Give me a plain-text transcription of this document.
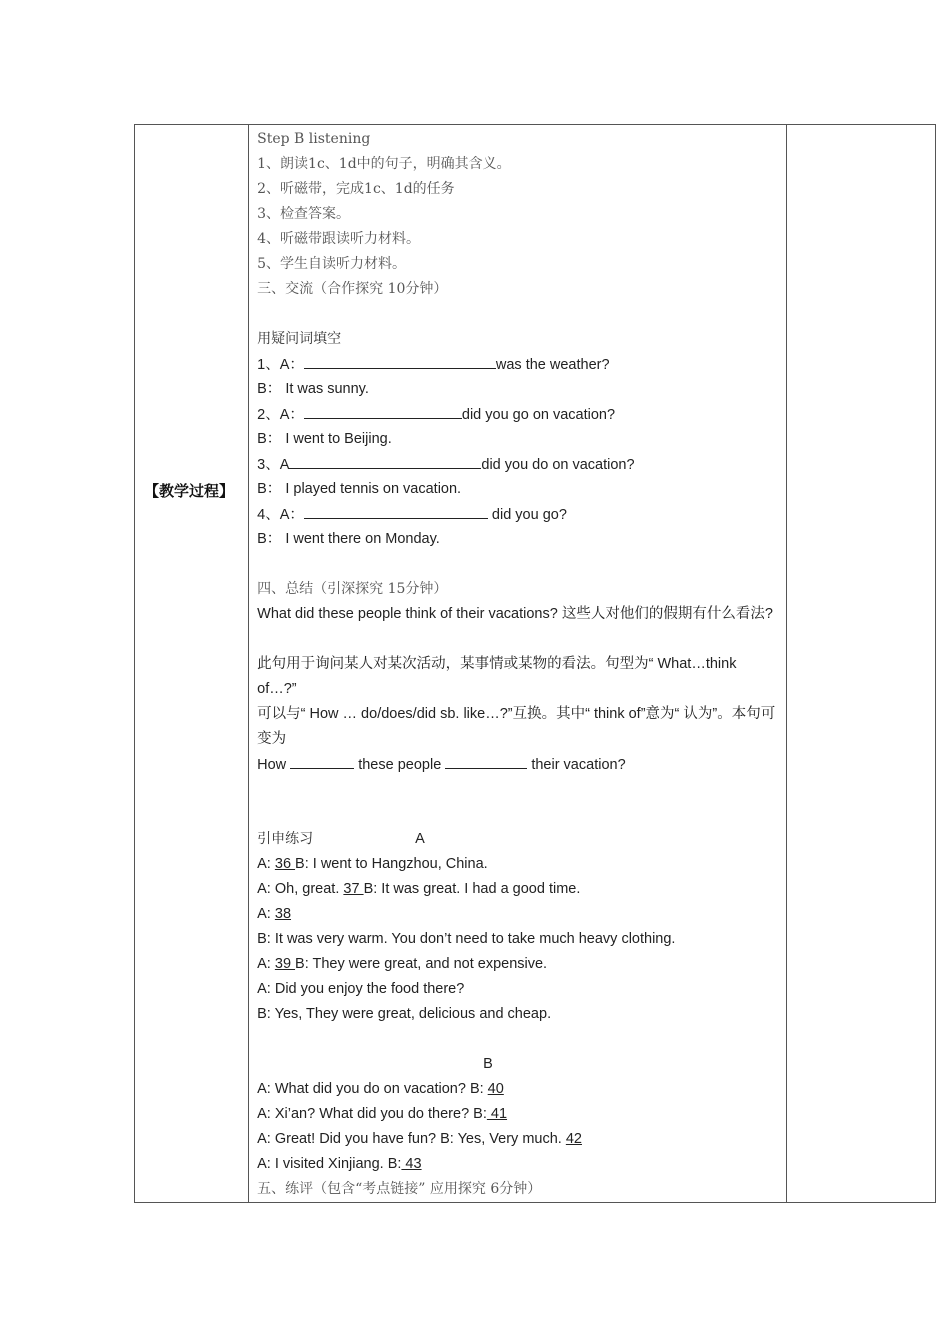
【教学过程】

Step B listening
1、朗读1c、1d中的句子，明确其含义。
2、听磁带，完成1c、1d的任务
3、检查答案。
4、听磁带跟读听力材料。
5、学生自读听力材料。
三、交流（合作探究 10分钟）
用疑问词填空
1、A：	was the weather?
B： It was sunny.
2、A：	did you go on vacation?
B： I went to Beijing.
3、A	did you do on vacation?
B： I played tennis on vacation.
4、A：	did you go?
B： I went there on Monday.
四、总结（引深探究 15分钟）
What did these people think of their vacations? 这些人对他们的假期有什么看法?
此句用于询问某人对某次活动，某事情或某物的看法。句型为“ What…think of…?”
可以与“ How … do/does/did sb. like…?”互换。其中“ think of”意为“ 认为”。本句可变为
How	these people	their vacation?
引申练习	A
A: 36 B: I went to Hangzhou, China.
A: Oh, great. 37 B: It was great. I had a good time.
A: 38
B: It was very warm. You don’t need to take much heavy clothing.
A: 39 B: They were great, and not expensive.
A: Did you enjoy the food there?
B: Yes, They were great, delicious and cheap.
B
A: What did you do on vacation? B: 40
A: Xi’an? What did you do there? B: 41
A: Great! Did you have fun? B: Yes, Very much. 42
A: I visited Xinjiang. B: 43
五、练评（包含“考点链接” 应用探究 6分钟）
